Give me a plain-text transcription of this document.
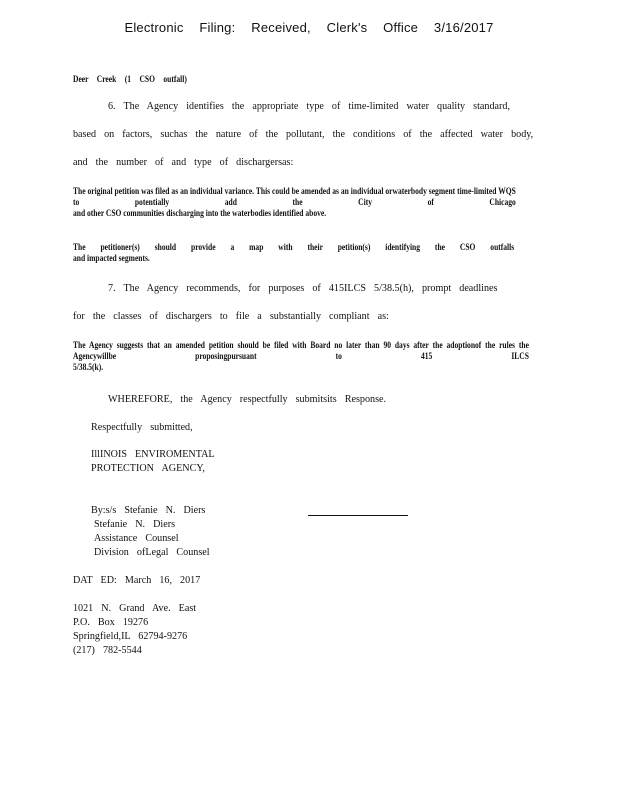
Electronic Filing: Received, Clerk's Office 3/16/2017
Deer Creek (1 CSO outfall)
6. The Agency identifies the appropriate type of time-limited water quality standard,
based on factors, suchas the nature of the pollutant, the conditions of the affected water body,
and the number of and type of dischargersas:
The original petition was filed as an individual variance. This could be amended as an individual orwaterbody segment time-limited WQS to potentially add the City of Chicago
and other CSO communities discharging into the waterbodies identified above.
The petitioner(s) should provide a map with their petition(s) identifying the CSO outfalls
and impacted segments.
7. The Agency recommends, for purposes of 415ILCS 5/38.5(h), prompt deadlines
for the classes of dischargers to file a substantially compliant as:
The Agency suggests that an amended petition should be filed with Board no later than 90 days after the adoptionof the rules the Agencywillbe proposingpursuant to 415 ILCS
5/38.5(k).
WHEREFORE, the Agency respectfully submitsits Response.
Respectfully submitted,
IllINOIS ENVIROMENTAL
PROTECTION AGENCY,
By:s/s Stefanie N. Diers
Stefanie N. Diers
Assistance Counsel
Division ofLegal Counsel
DAT ED: March 16, 2017
1021 N. Grand Ave. East
P.O. Box 19276
Springfield,IL 62794-9276
(217) 782-5544
